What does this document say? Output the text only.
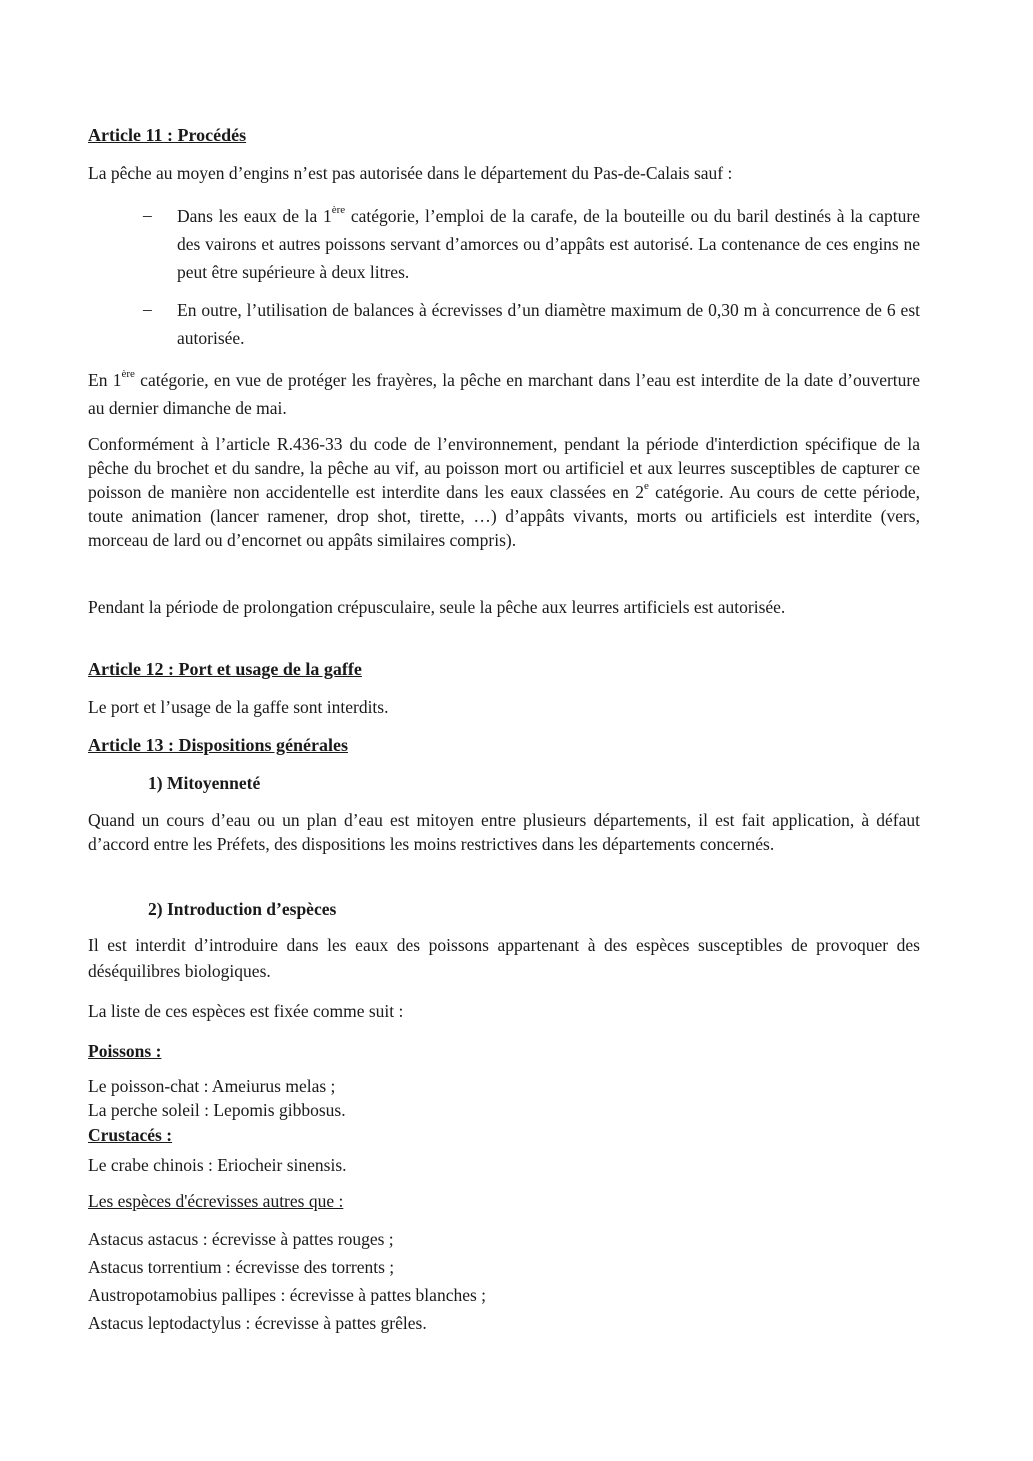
Article 11 : Procédés

La pêche au moyen d’engins n’est pas autorisée dans le département du Pas-de-Calais sauf :

– Dans les eaux de la 1ère catégorie, l’emploi de la carafe, de la bouteille ou du baril destinés à la capture des vairons et autres poissons servant d’amorces ou d’appâts est autorisé. La contenance de ces engins ne peut être supérieure à deux litres.

– En outre, l’utilisation de balances à écrevisses d’un diamètre maximum de 0,30 m à concurrence de 6 est autorisée.

En 1ère catégorie, en vue de protéger les frayères, la pêche en marchant dans l’eau est interdite de la date d’ouverture au dernier dimanche de mai.

Conformément à l’article R.436-33 du code de l’environnement, pendant la période d'interdiction spécifique de la pêche du brochet et du sandre, la pêche au vif, au poisson mort ou artificiel et aux leurres susceptibles de capturer ce poisson de manière non accidentelle est interdite dans les eaux classées en 2e catégorie. Au cours de cette période, toute animation (lancer ramener, drop shot, tirette, …) d’appâts vivants, morts ou artificiels est interdite (vers, morceau de lard ou d’encornet ou appâts similaires compris).

Pendant la période de prolongation crépusculaire, seule la pêche aux leurres artificiels est autorisée.

Article 12 : Port et usage de la gaffe

Le port et l’usage de la gaffe sont interdits.

Article 13 : Dispositions générales
1) Mitoyenneté

Quand un cours d’eau ou un plan d’eau est mitoyen entre plusieurs départements, il est fait application, à défaut d’accord entre les Préfets, des dispositions les moins restrictives dans les départements concernés.

2) Introduction d’espèces

Il est interdit d’introduire dans les eaux des poissons appartenant à des espèces susceptibles de provoquer des déséquilibres biologiques.

La liste de ces espèces est fixée comme suit :

Poissons :

Le poisson-chat : Ameiurus melas ;

La perche soleil : Lepomis gibbosus.

Crustacés :

Le crabe chinois : Eriocheir sinensis.

Les espèces d'écrevisses autres que :

Astacus astacus : écrevisse à pattes rouges ;

Astacus torrentium : écrevisse des torrents ;

Austropotamobius pallipes : écrevisse à pattes blanches ;

Astacus leptodactylus : écrevisse à pattes grêles.
